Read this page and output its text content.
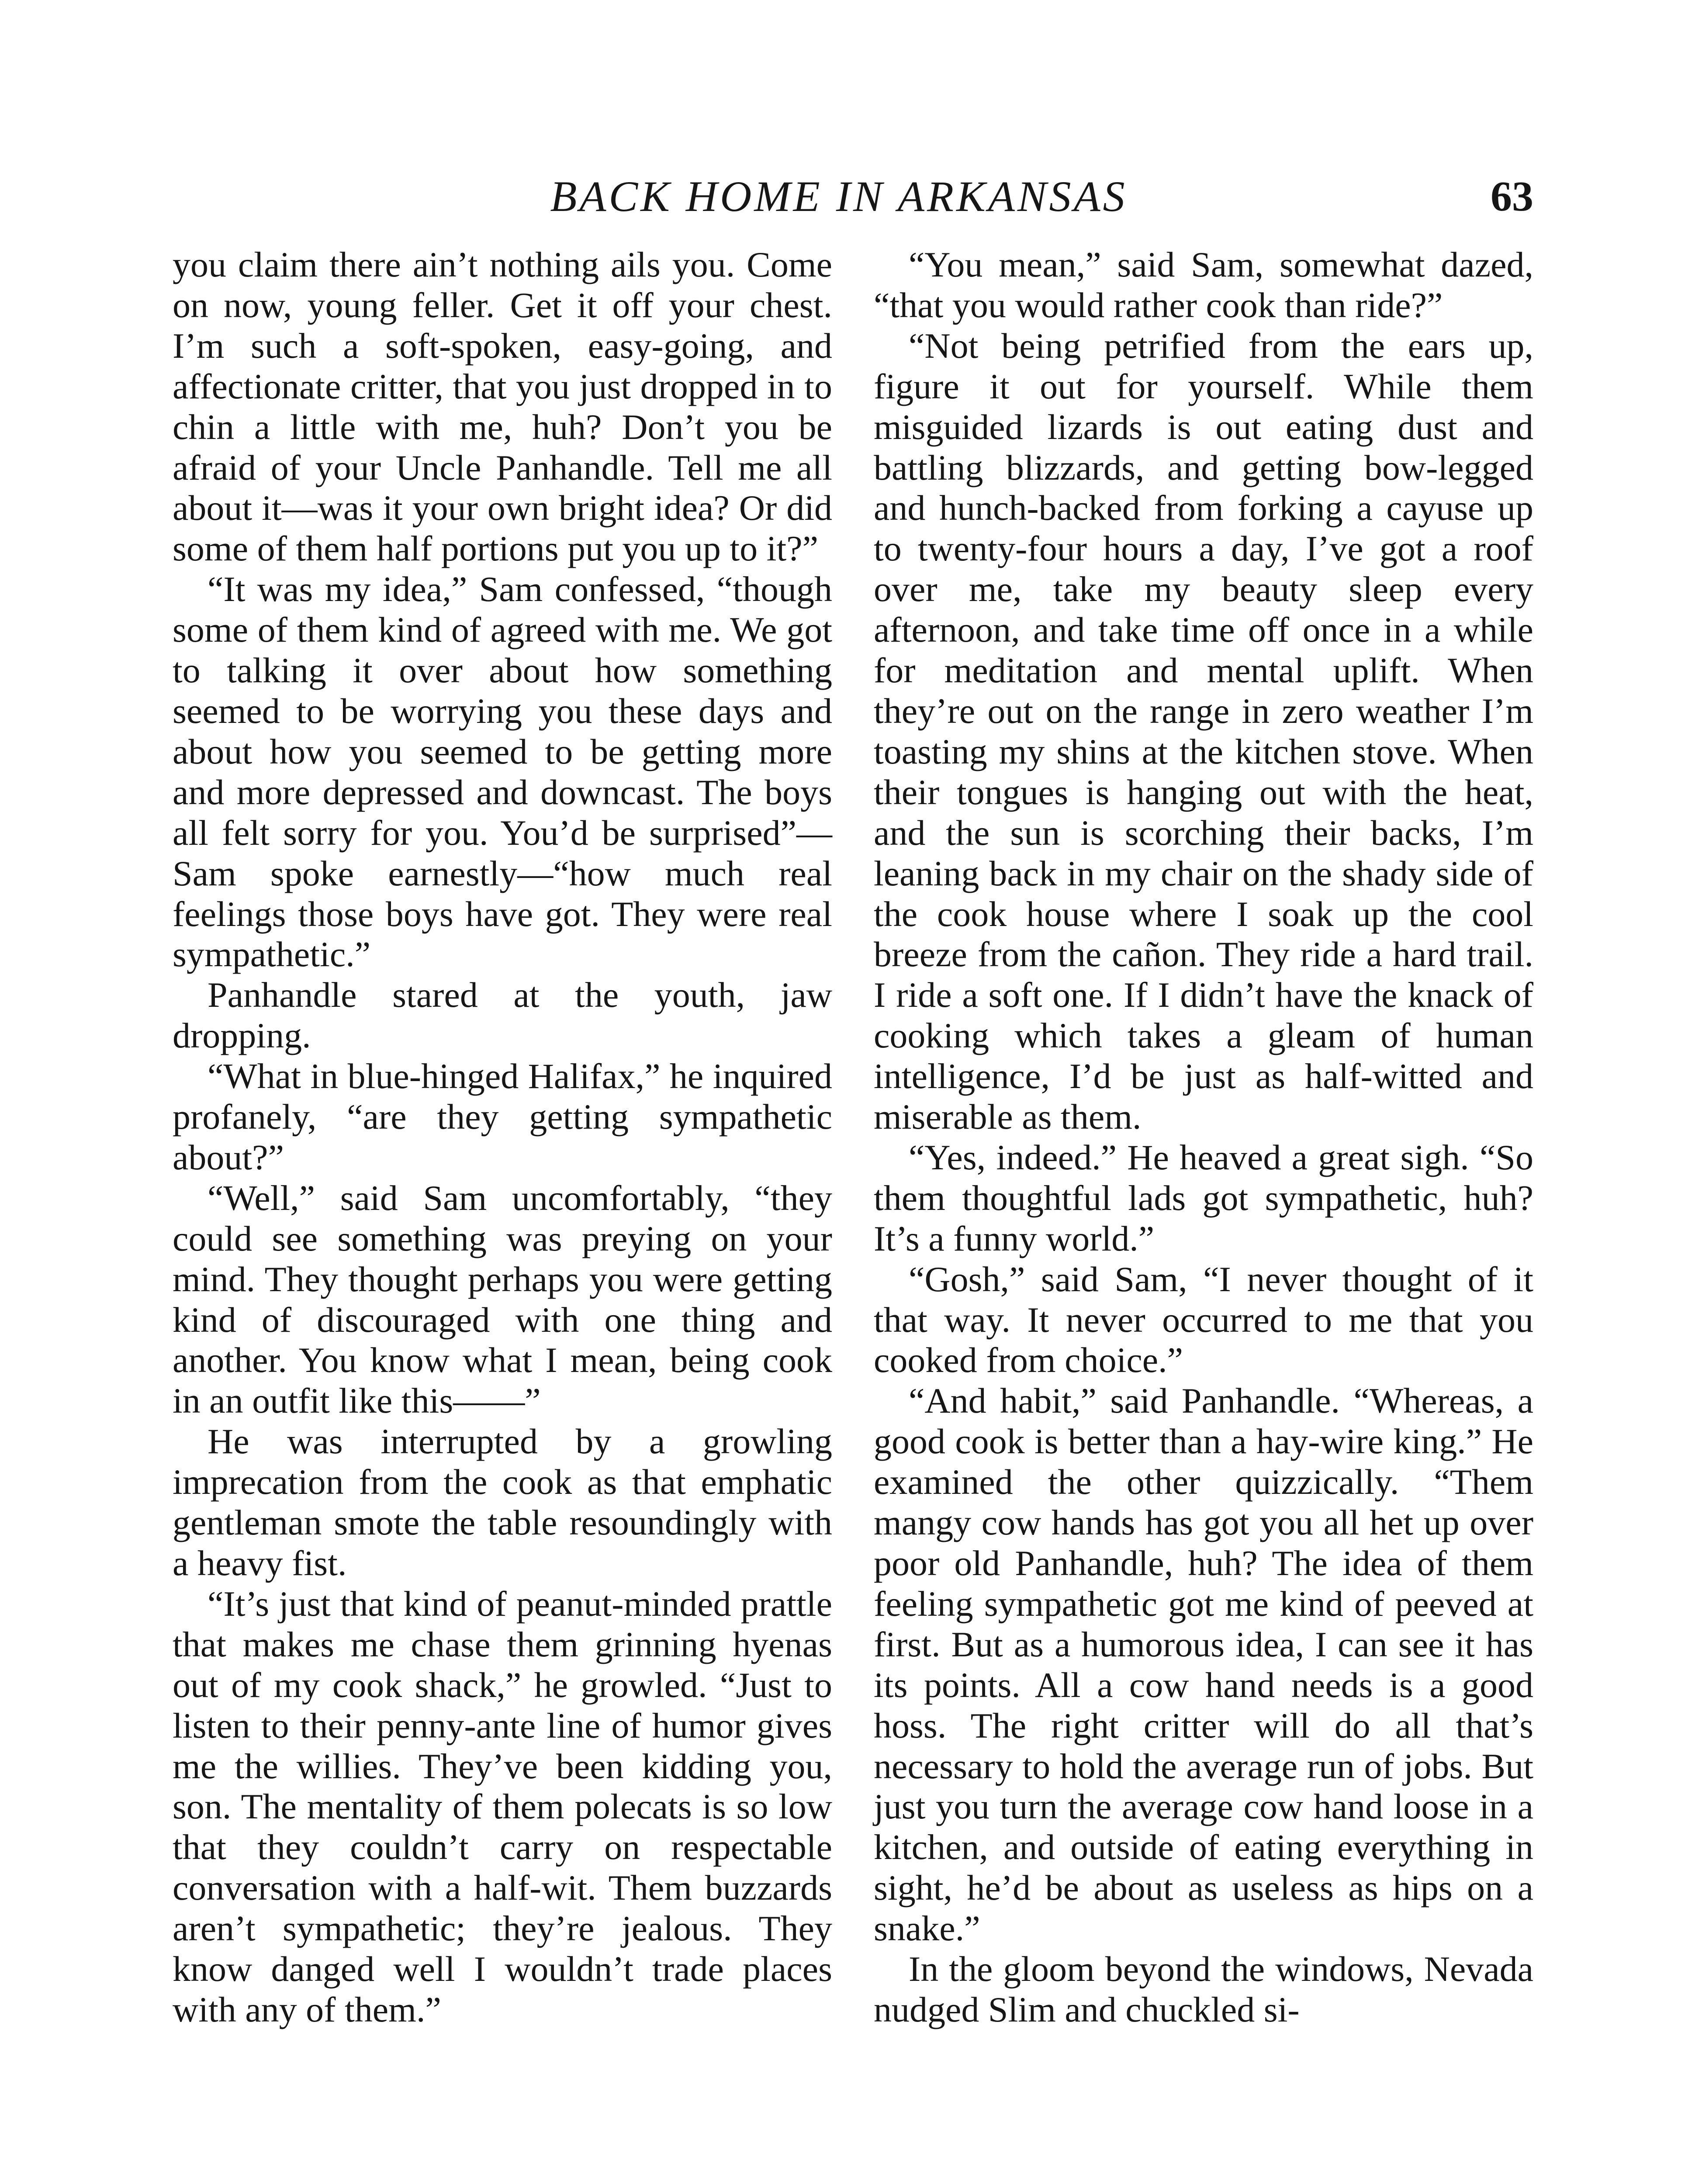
BACK HOME IN ARKANSAS	63

you claim there ain’t nothing ails you. Come on now, young feller. Get it off your chest. I’m such a soft-spoken, easy-going, and affectionate critter, that you just dropped in to chin a little with me, huh? Don’t you be afraid of your Uncle Panhandle. Tell me all about it—was it your own bright idea? Or did some of them half portions put you up to it?”

“It was my idea,” Sam confessed, “though some of them kind of agreed with me. We got to talking it over about how something seemed to be worrying you these days and about how you seemed to be getting more and more depressed and downcast. The boys all felt sorry for you. You’d be surprised”—Sam spoke earnestly—“how much real feelings those boys have got. They were real sympathetic.”

Panhandle stared at the youth, jaw dropping.

“What in blue-hinged Halifax,” he inquired profanely, “are they getting sympathetic about?”

“Well,” said Sam uncomfortably, “they could see something was preying on your mind. They thought perhaps you were getting kind of discouraged with one thing and another. You know what I mean, being cook in an outfit like this——”

He was interrupted by a growling imprecation from the cook as that emphatic gentleman smote the table resoundingly with a heavy fist.

“It’s just that kind of peanut-minded prattle that makes me chase them grinning hyenas out of my cook shack,” he growled. “Just to listen to their penny-ante line of humor gives me the willies. They’ve been kidding you, son. The mentality of them polecats is so low that they couldn’t carry on respectable conversation with a half-wit. Them buzzards aren’t sympathetic; they’re jealous. They know danged well I wouldn’t trade places with any of them.”

“You mean,” said Sam, somewhat dazed, “that you would rather cook than ride?”

“Not being petrified from the ears up, figure it out for yourself. While them misguided lizards is out eating dust and battling blizzards, and getting bow-legged and hunch-backed from forking a cayuse up to twenty-four hours a day, I’ve got a roof over me, take my beauty sleep every afternoon, and take time off once in a while for meditation and mental uplift. When they’re out on the range in zero weather I’m toasting my shins at the kitchen stove. When their tongues is hanging out with the heat, and the sun is scorching their backs, I’m leaning back in my chair on the shady side of the cook house where I soak up the cool breeze from the cañon. They ride a hard trail. I ride a soft one. If I didn’t have the knack of cooking which takes a gleam of human intelligence, I’d be just as half-witted and miserable as them.

“Yes, indeed.” He heaved a great sigh. “So them thoughtful lads got sympathetic, huh? It’s a funny world.”

“Gosh,” said Sam, “I never thought of it that way. It never occurred to me that you cooked from choice.”

“And habit,” said Panhandle. “Whereas, a good cook is better than a hay-wire king.” He examined the other quizzically. “Them mangy cow hands has got you all het up over poor old Panhandle, huh? The idea of them feeling sympathetic got me kind of peeved at first. But as a humorous idea, I can see it has its points. All a cow hand needs is a good hoss. The right critter will do all that’s necessary to hold the average run of jobs. But just you turn the average cow hand loose in a kitchen, and outside of eating everything in sight, he’d be about as useless as hips on a snake.”

In the gloom beyond the windows, Nevada nudged Slim and chuckled si-
